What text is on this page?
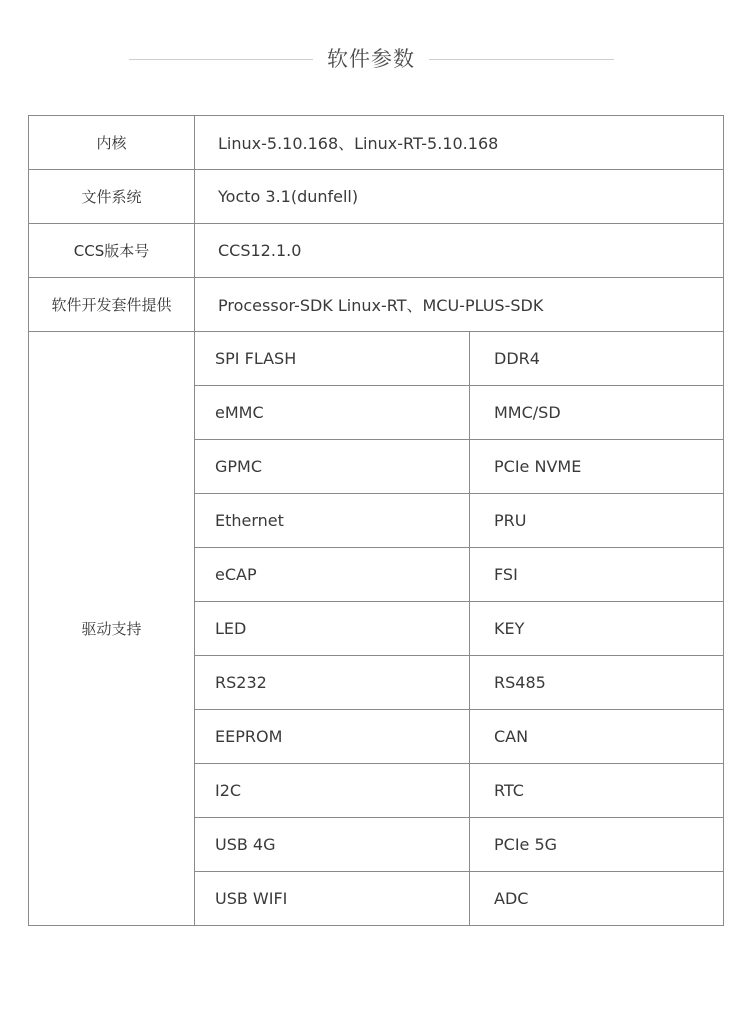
软件参数
内核	Linux-5.10.168、Linux-RT-5.10.168	
文件系统	Yocto 3.1(dunfell)	
CCS版本号	CCS12.1.0	
软件开发套件提供	Processor-SDK Linux-RT、MCU-PLUS-SDK	
驱动支持	SPI FLASH	DDR4
	eMMC	MMC/SD
	GPMC	PCIe NVME
	Ethernet	PRU
	eCAP	FSI
	LED	KEY
	RS232	RS485
	EEPROM	CAN
	I2C	RTC
	USB 4G	PCIe 5G
	USB WIFI	ADC
